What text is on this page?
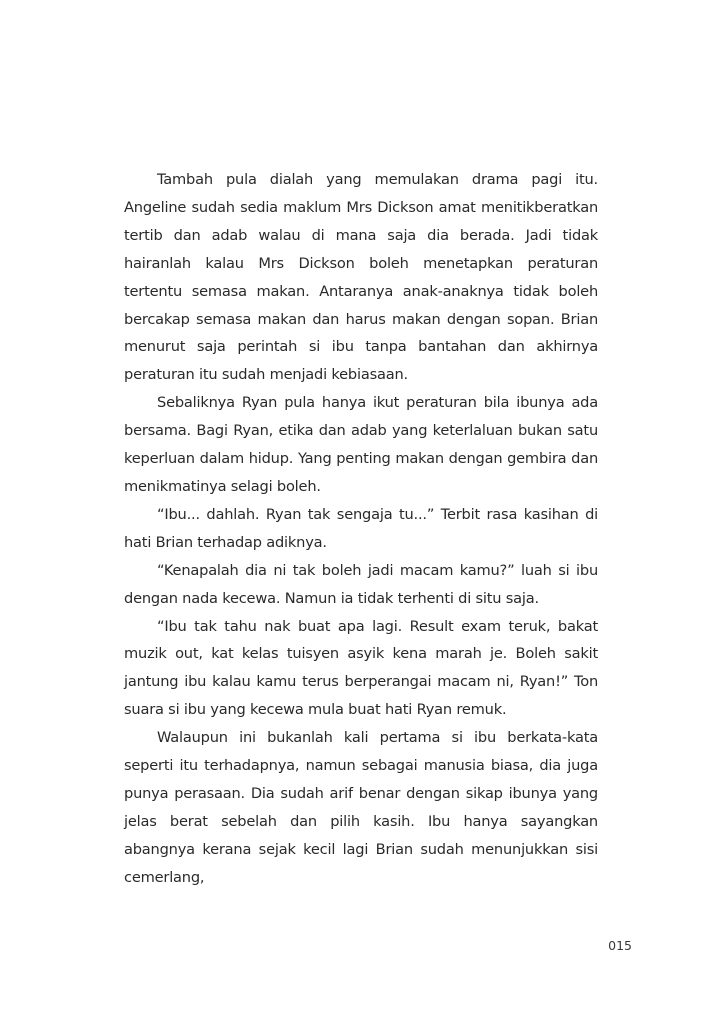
Tambah pula dialah yang memulakan drama pagi itu. Angeline sudah sedia maklum Mrs Dickson amat menitikberatkan tertib dan adab walau di mana saja dia berada. Jadi tidak hairanlah kalau Mrs Dickson boleh menetapkan peraturan tertentu semasa makan. Antaranya anak-anaknya tidak boleh bercakap semasa makan dan harus makan dengan sopan. Brian menurut saja perintah si ibu tanpa bantahan dan akhirnya peraturan itu sudah menjadi kebiasaan.

Sebaliknya Ryan pula hanya ikut peraturan bila ibunya ada bersama. Bagi Ryan, etika dan adab yang keterlaluan bukan satu keperluan dalam hidup. Yang penting makan dengan gembira dan menikmatinya selagi boleh.

“Ibu... dahlah. Ryan tak sengaja tu...” Terbit rasa kasihan di hati Brian terhadap adiknya.

“Kenapalah dia ni tak boleh jadi macam kamu?” luah si ibu dengan nada kecewa. Namun ia tidak terhenti di situ saja.

“Ibu tak tahu nak buat apa lagi. Result exam teruk, bakat muzik out, kat kelas tuisyen asyik kena marah je. Boleh sakit jantung ibu kalau kamu terus berperangai macam ni, Ryan!” Ton suara si ibu yang kecewa mula buat hati Ryan remuk.

Walaupun ini bukanlah kali pertama si ibu berkata-kata seperti itu terhadapnya, namun sebagai manusia biasa, dia juga punya perasaan. Dia sudah arif benar dengan sikap ibunya yang jelas berat sebelah dan pilih kasih. Ibu hanya sayangkan abangnya kerana sejak kecil lagi Brian sudah menunjukkan sisi cemerlang,

015
